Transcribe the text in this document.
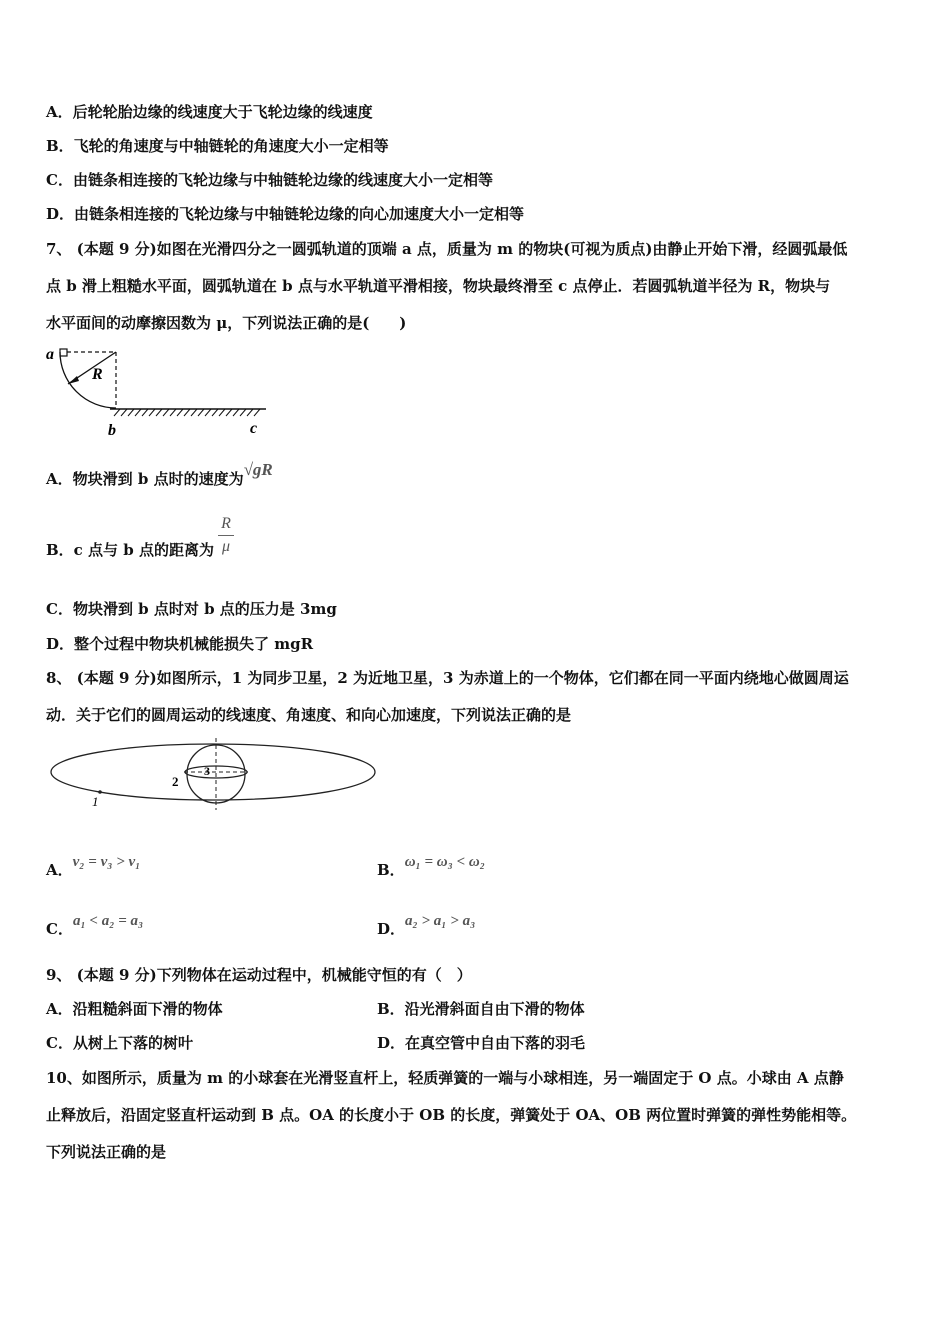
A．后轮轮胎边缘的线速度大于飞轮边缘的线速度
B．飞轮的角速度与中轴链轮的角速度大小一定相等
C．由链条相连接的飞轮边缘与中轴链轮边缘的线速度大小一定相等
D．由链条相连接的飞轮边缘与中轴链轮边缘的向心加速度大小一定相等
7、 (本题 9 分)如图在光滑四分之一圆弧轨道的顶端 a 点，质量为 m 的物块(可视为质点)由静止开始下滑，经圆弧最低
点 b 滑上粗糙水平面，圆弧轨道在 b 点与水平轨道平滑相接，物块最终滑至 c 点停止．若圆弧轨道半径为 R，物块与
水平面间的动摩擦因数为 μ，下列说法正确的是(　　)
a
R
b	c
A．物块滑到 b 点时的速度为√gR
B．c 点与 b 点的距离为
R
μ
C．物块滑到 b 点时对 b 点的压力是 3mg
D．整个过程中物块机械能损失了 mgR
8、 (本题 9 分)如图所示，1 为同步卫星，2 为近地卫星，3 为赤道上的一个物体，它们都在同一平面内绕地心做圆周运
动．关于它们的圆周运动的线速度、角速度、和向心加速度，下列说法正确的是
1
2
3
A．v₂ = v₃ > v₁	B．ω₁ = ω₃ < ω₂
C．a₁ < a₂ = a₃	D．a₂ > a₁ > a₃
9、 (本题 9 分)下列物体在运动过程中，机械能守恒的有（　）
A．沿粗糙斜面下滑的物体	B．沿光滑斜面自由下滑的物体
C．从树上下落的树叶	D．在真空管中自由下落的羽毛
10、如图所示，质量为 m 的小球套在光滑竖直杆上，轻质弹簧的一端与小球相连，另一端固定于 O 点。小球由 A 点静
止释放后，沿固定竖直杆运动到 B 点。OA 的长度小于 OB 的长度，弹簧处于 OA、OB 两位置时弹簧的弹性势能相等。
下列说法正确的是
